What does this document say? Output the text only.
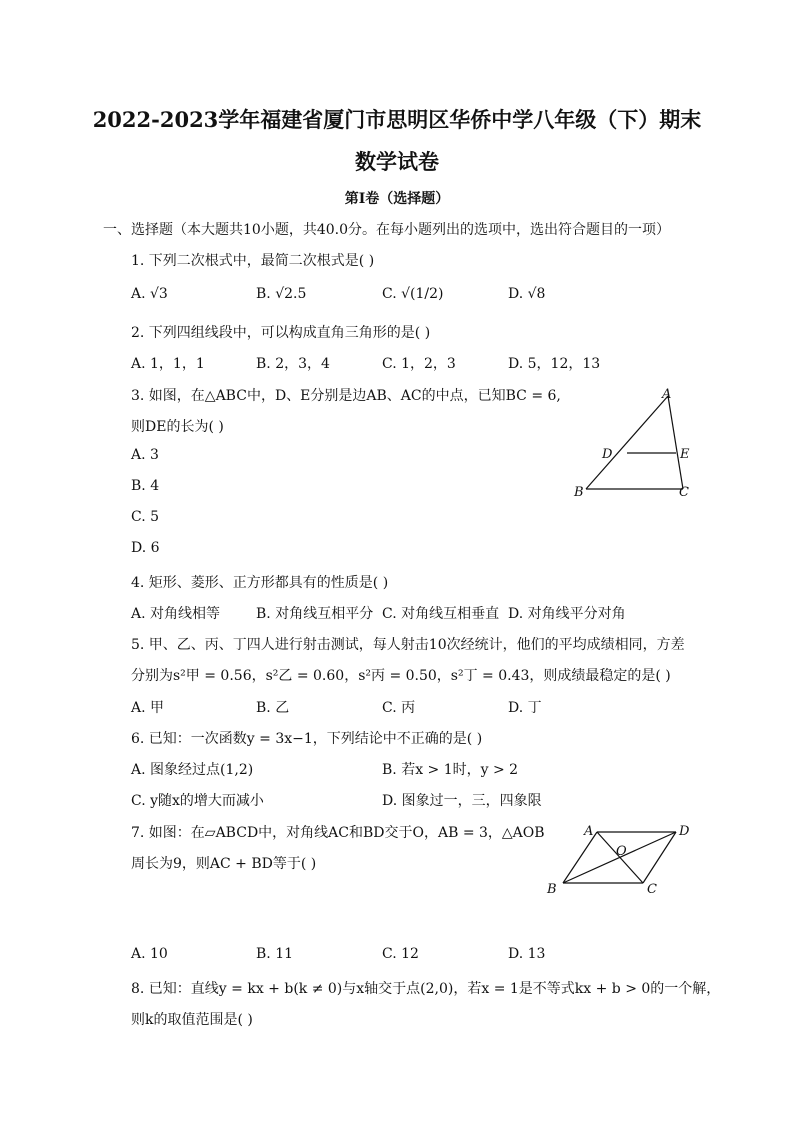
2022-2023学年福建省厦门市思明区华侨中学八年级（下）期末
数学试卷
第I卷（选择题）
一、选择题（本大题共10小题，共40.0分。在每小题列出的选项中，选出符合题目的一项）
1. 下列二次根式中，最简二次根式是( )
A. √3	B. √2.5	C. √(1/2)	D. √8
2. 下列四组线段中，可以构成直角三角形的是( )
A. 1，1，1	B. 2，3，4	C. 1，2，3	D. 5，12，13
3. 如图，在△ABC中，D、E分别是边AB、AC的中点，已知BC = 6,
则DE的长为( )
A. 3
B. 4
C. 5
D. 6
A
D	E
B	C
4. 矩形、菱形、正方形都具有的性质是( )
A. 对角线相等	B. 对角线互相平分 C. 对角线互相垂直 D. 对角线平分对角
5. 甲、乙、丙、丁四人进行射击测试，每人射击10次经统计，他们的平均成绩相同，方差
分别为s²甲 = 0.56，s²乙 = 0.60，s²丙 = 0.50，s²丁 = 0.43，则成绩最稳定的是( )
A. 甲	B. 乙	C. 丙	D. 丁
6. 已知：一次函数y = 3x−1，下列结论中不正确的是( )
A. 图象经过点(1,2)	B. 若x > 1时，y > 2
C. y随x的增大而减小	D. 图象过一，三，四象限
7. 如图：在▱ABCD中，对角线AC和BD交于O，AB = 3，△AOB
周长为9，则AC + BD等于( )
A	D
O
B	C
A. 10	B. 11	C. 12	D. 13
8. 已知：直线y = kx + b(k ≠ 0)与x轴交于点(2,0)，若x = 1是不等式kx + b > 0的一个解，
则k的取值范围是( )
